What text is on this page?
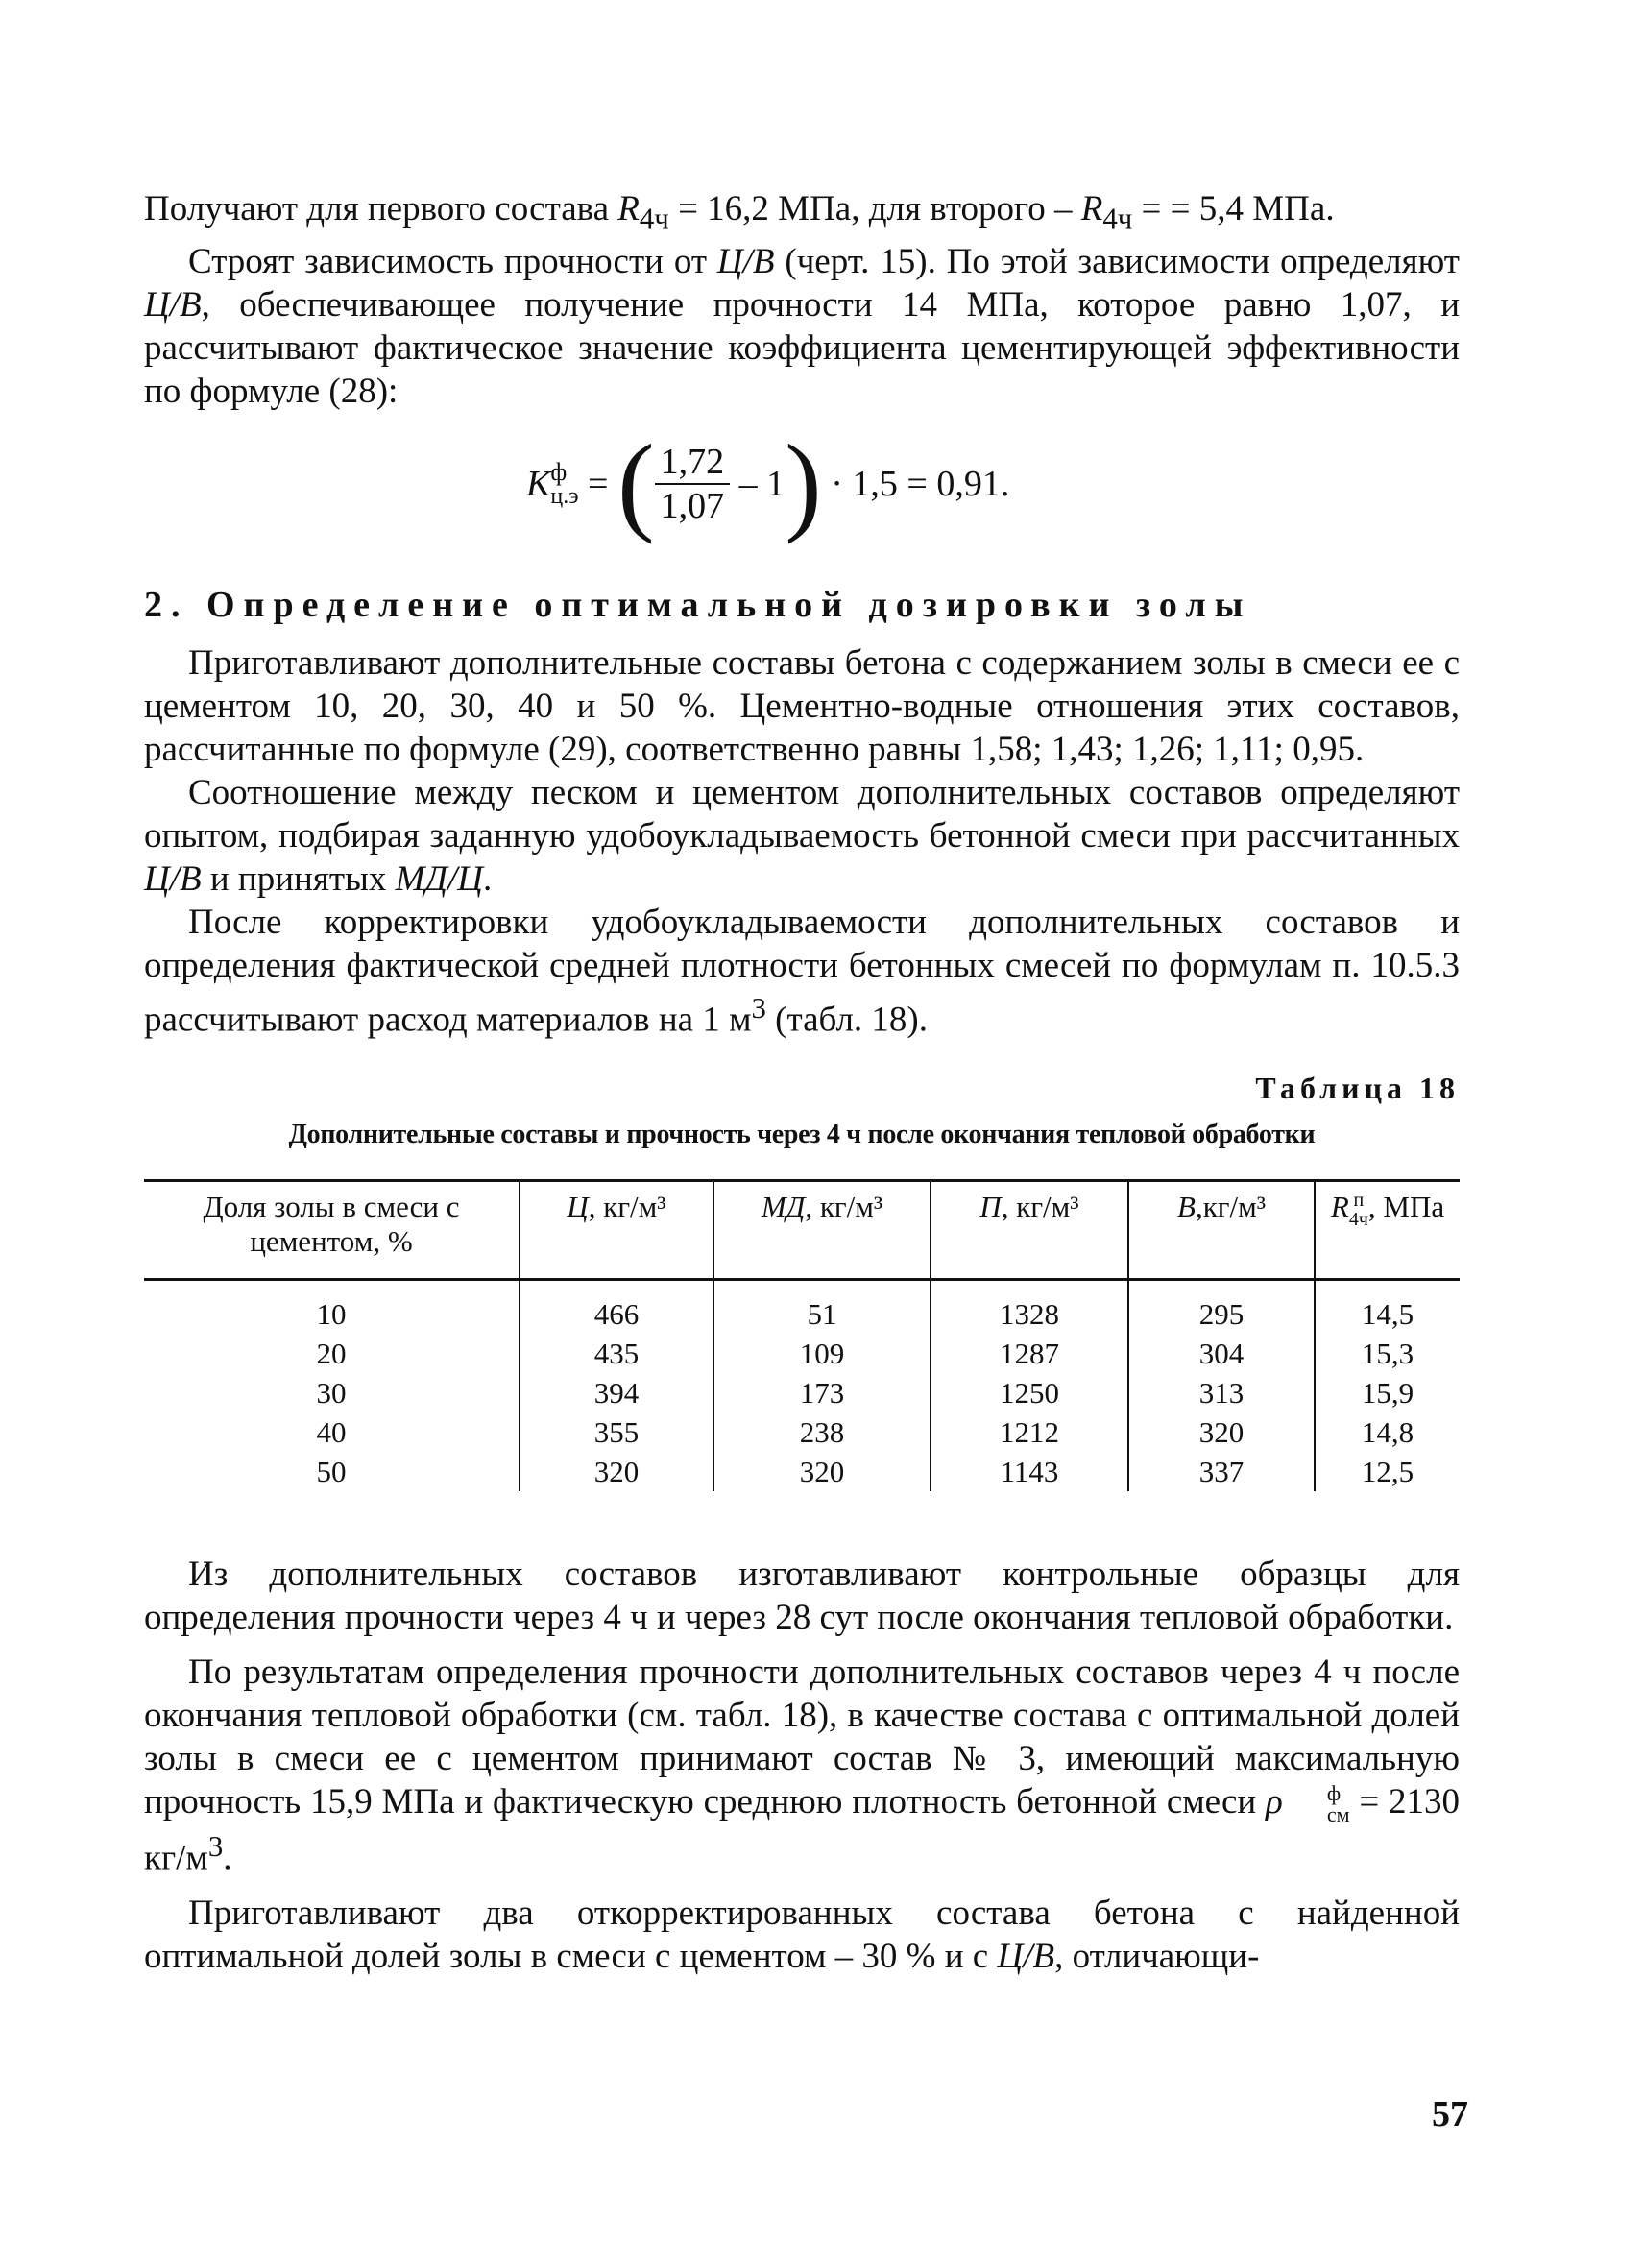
Получают для первого состава $R_{4ч} = 16,2$ МПа, для второго – $R_{4ч}$ = = 5,4 МПа.

Строят зависимость прочности от Ц/В (черт. 15). По этой зависимости определяют Ц/В, обеспечивающее получение прочности 14 МПа, которое равно 1,07, и рассчитывают фактическое значение коэффициента цементирующей эффективности по формуле (28):

K ф
ц.э = ( $\frac{1,72}{1,07} - 1) \cdot 1,5 = 0,91$.
2. Определение оптимальной дозировки золы

Приготавливают дополнительные составы бетона с содержанием золы в смеси ее с цементом 10, 20, 30, 40 и 50 %. Цементно-водные отношения этих составов, рассчитанные по формуле (29), соответственно равны 1,58; 1,43; 1,26; 1,11; 0,95.

Соотношение между песком и цементом дополнительных составов определяют опытом, подбирая заданную удобоукладываемость бетонной смеси при рассчитанных Ц/В и принятых МД/Ц.

После корректировки удобоукладываемости дополнительных составов и определения фактической средней плотности бетонных смесей по формулам п. 10.5.3 рассчитывают расход материалов на 1 $м^3$ (табл. 18).

Таблица 18
Дополнительные составы и прочность через 4 ч после окончания тепловой обработки
Доля золы в смеси с цементом, %	Ц, кг/м³	МД, кг/м³	П, кг/м³	В,кг/м³	R п
4ч , МПа
10	466	51	1328	295	14,5
20	435	109	1287	304	15,3
30	394	173	1250	313	15,9
40	355	238	1212	320	14,8
50	320	320	1143	337	12,5

Из дополнительных составов изготавливают контрольные образцы для определения прочности через 4 ч и через 28 сут после окончания тепловой обработки.

По результатам определения прочности дополнительных составов через 4 ч после окончания тепловой обработки (см. табл. 18), в качестве состава с оптимальной долей золы в смеси ее с цементом принимают состав № 3, имеющий максимальную прочность 15,9 МПа и фактическую среднюю плотность бетонной смеси ρ	ф
см = 2130 $кг/м^3$.

Приготавливают два откорректированных состава бетона с найденной оптимальной долей золы в смеси с цементом – 30 % и с Ц/В, отличающи-

57
